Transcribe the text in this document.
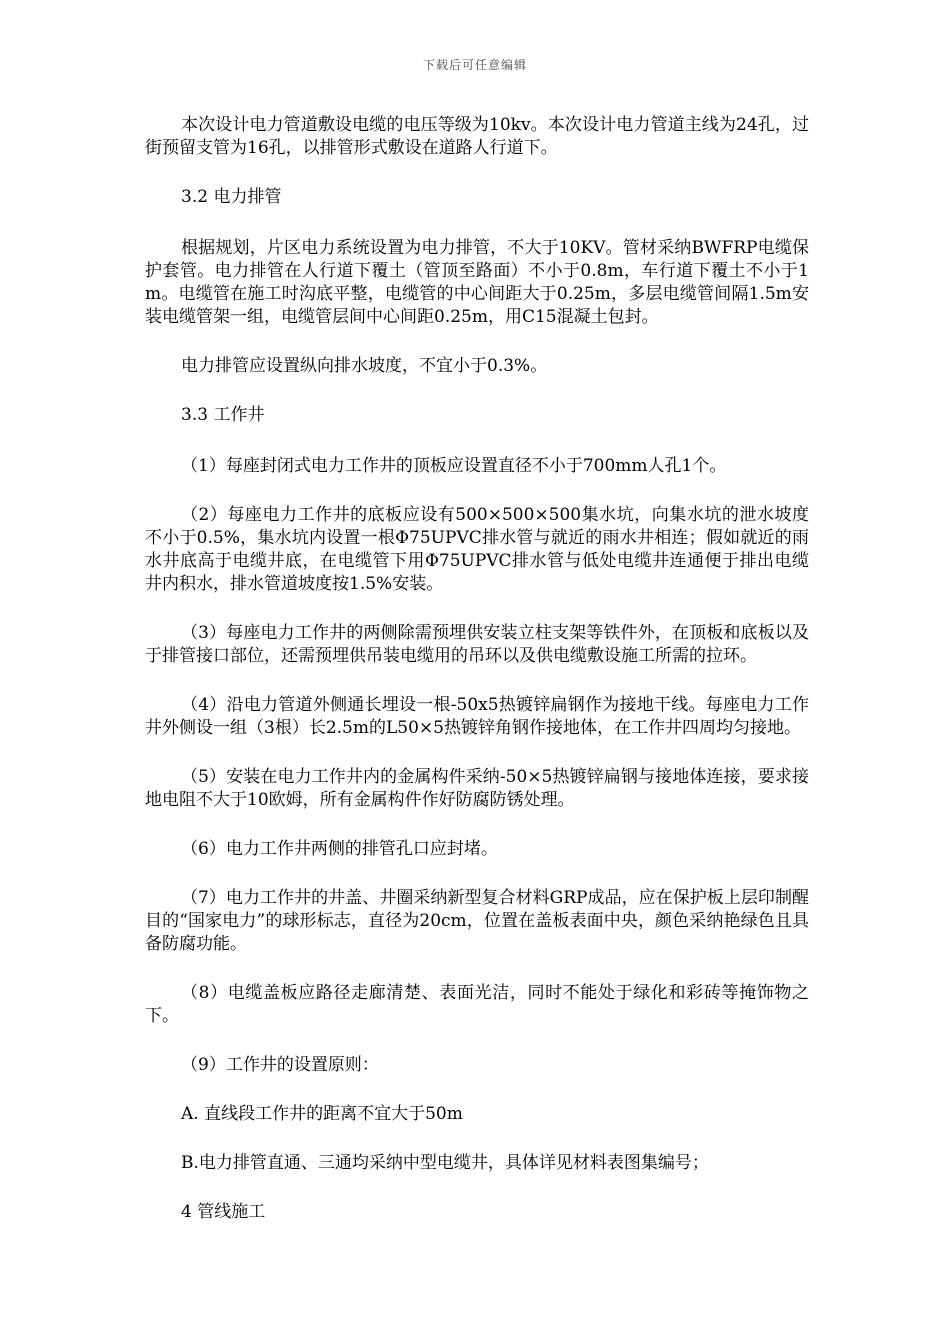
下载后可任意编辑

本次设计电力管道敷设电缆的电压等级为10kv。本次设计电力管道主线为24孔，过街预留支管为16孔，以排管形式敷设在道路人行道下。

3.2 电力排管

根据规划，片区电力系统设置为电力排管，不大于10KV。管材采纳BWFRP电缆保护套管。电力排管在人行道下覆土（管顶至路面）不小于0.8m，车行道下覆土不小于1m。电缆管在施工时沟底平整，电缆管的中心间距大于0.25m，多层电缆管间隔1.5m安装电缆管架一组，电缆管层间中心间距0.25m，用C15混凝土包封。

电力排管应设置纵向排水坡度，不宜小于0.3%。

3.3 工作井

（1）每座封闭式电力工作井的顶板应设置直径不小于700mm人孔1个。

（2）每座电力工作井的底板应设有500×500×500集水坑，向集水坑的泄水坡度不小于0.5%，集水坑内设置一根Φ75UPVC排水管与就近的雨水井相连；假如就近的雨水井底高于电缆井底，在电缆管下用Φ75UPVC排水管与低处电缆井连通便于排出电缆井内积水，排水管道坡度按1.5%安装。

（3）每座电力工作井的两侧除需预埋供安装立柱支架等铁件外，在顶板和底板以及于排管接口部位，还需预埋供吊装电缆用的吊环以及供电缆敷设施工所需的拉环。

（4）沿电力管道外侧通长埋设一根-50x5热镀锌扁钢作为接地干线。每座电力工作井外侧设一组（3根）长2.5m的L50×5热镀锌角钢作接地体，在工作井四周均匀接地。

（5）安装在电力工作井内的金属构件采纳-50×5热镀锌扁钢与接地体连接，要求接地电阻不大于10欧姆，所有金属构件作好防腐防锈处理。

（6）电力工作井两侧的排管孔口应封堵。

（7）电力工作井的井盖、井圈采纳新型复合材料GRP成品，应在保护板上层印制醒目的“国家电力”的球形标志，直径为20cm，位置在盖板表面中央，颜色采纳艳绿色且具备防腐功能。

（8）电缆盖板应路径走廊清楚、表面光洁，同时不能处于绿化和彩砖等掩饰物之下。

（9）工作井的设置原则：

A. 直线段工作井的距离不宜大于50m

B.电力排管直通、三通均采纳中型电缆井，具体详见材料表图集编号；

4 管线施工
